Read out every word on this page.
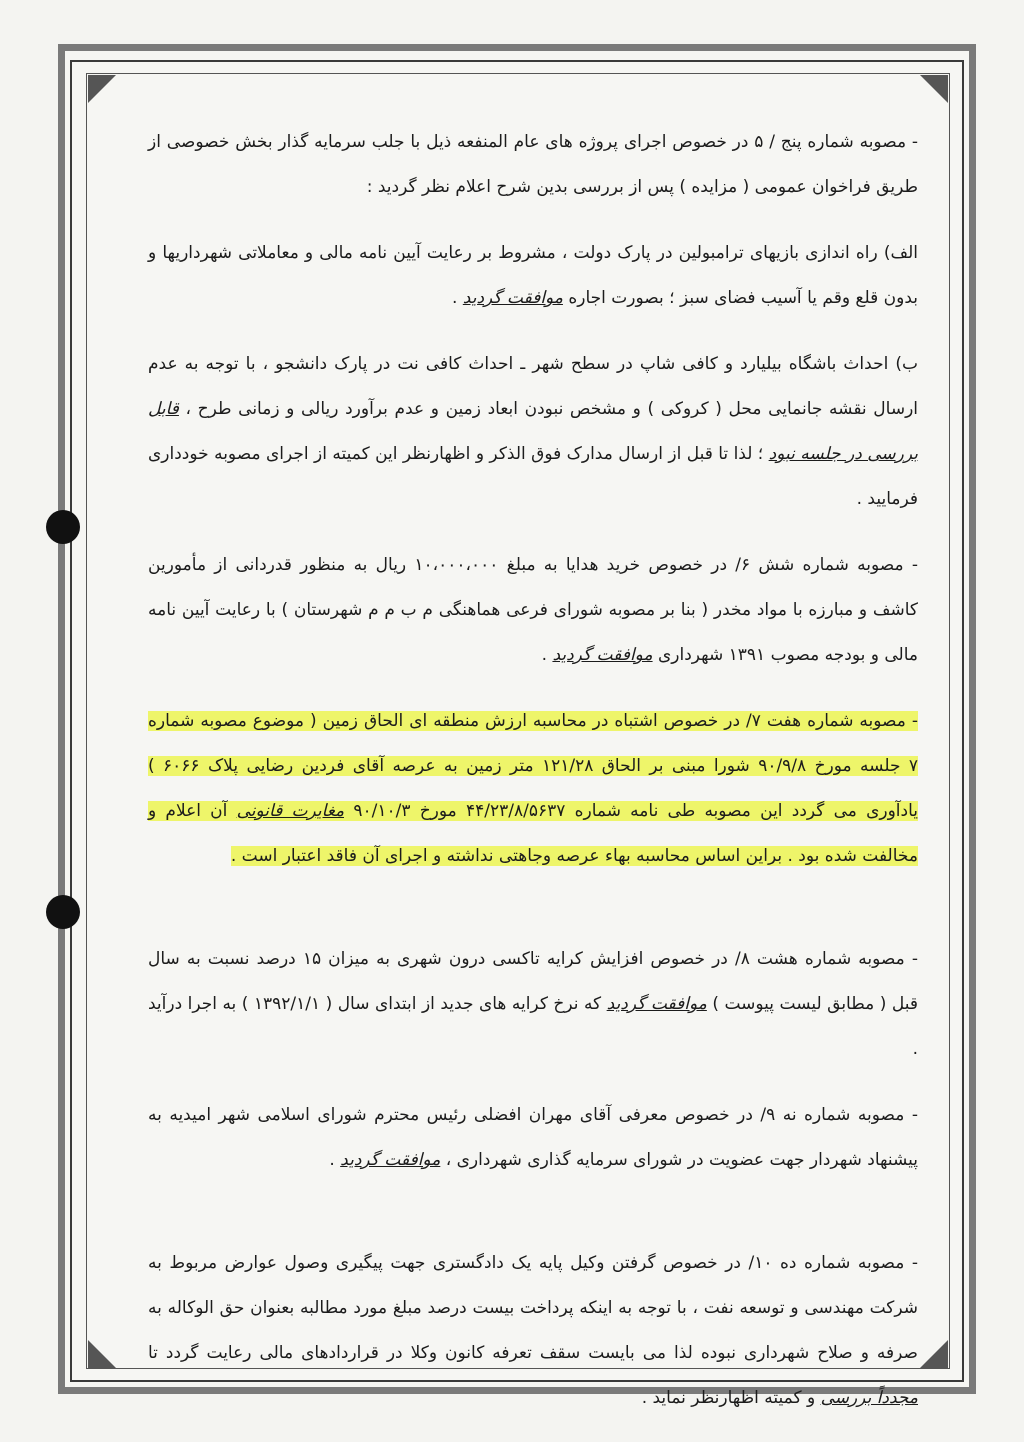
- مصوبه شماره پنج / ۵ در خصوص اجرای پروژه های عام المنفعه ذیل با جلب سرمایه گذار بخش خصوصی از طریق فراخوان عمومی ( مزایده ) پس از بررسی بدین شرح اعلام نظر گردید :

الف) راه اندازی بازیهای ترامبولین در پارک دولت ، مشروط بر رعایت آیین نامه مالی و معاملاتی شهرداریها و بدون قلع وقم یا آسیب فضای سبز ؛ بصورت اجاره موافقت گردید .

ب) احداث باشگاه بیلیارد و کافی شاپ در سطح شهر ـ احداث کافی نت در پارک دانشجو ، با توجه به عدم ارسال نقشه جانمایی محل ( کروکی ) و مشخص نبودن ابعاد زمین و عدم برآورد ریالی و زمانی طرح ، قابل بررسی در جلسه نبود ؛ لذا تا قبل از ارسال مدارک فوق الذکر و اظهارنظر این کمیته از اجرای مصوبه خودداری فرمایید .

- مصوبه شماره شش ۶/ در خصوص خرید هدایا به مبلغ ۱۰،۰۰۰،۰۰۰ ریال به منظور قدردانی از مأمورین کاشف و مبارزه با مواد مخدر ( بنا بر مصوبه شورای فرعی هماهنگی م ب م م شهرستان ) با رعایت آیین نامه مالی و بودجه مصوب ۱۳۹۱ شهرداری موافقت گردید .

- مصوبه شماره هفت ۷/ در خصوص اشتباه در محاسبه ارزش منطقه ای الحاق زمین ( موضوع مصوبه شماره ۷ جلسه مورخ ۹۰/۹/۸ شورا مبنی بر الحاق ۱۲۱/۲۸ متر زمین به عرصه آقای فردین رضایی پلاک ۶۰۶۶ ) یادآوری می گردد این مصوبه طی نامه شماره ۴۴/۲۳/۸/۵۶۳۷ مورخ ۹۰/۱۰/۳ مغایرت قانونی آن اعلام و مخالفت شده بود . براین اساس محاسبه بهاء عرصه وجاهتی نداشته و اجرای آن فاقد اعتبار است .

- مصوبه شماره هشت ۸/ در خصوص افزایش کرایه تاکسی درون شهری به میزان ۱۵ درصد نسبت به سال قبل ( مطابق لیست پیوست ) موافقت گردید که نرخ کرایه های جدید از ابتدای سال ( ۱۳۹۲/۱/۱ ) به اجرا درآید .

- مصوبه شماره نه ۹/ در خصوص معرفی آقای مهران افضلی رئیس محترم شورای اسلامی شهر امیدیه به پیشنهاد شهردار جهت عضویت در شورای سرمایه گذاری شهرداری ، موافقت گردید .

- مصوبه شماره ده ۱۰/ در خصوص گرفتن وکیل پایه یک دادگستری جهت پیگیری وصول عوارض مربوط به شرکت مهندسی و توسعه نفت ، با توجه به اینکه پرداخت بیست درصد مبلغ مورد مطالبه بعنوان حق الوکاله به صرفه و صلاح شهرداری نبوده لذا می بایست سقف تعرفه کانون وکلا در قراردادهای مالی رعایت گردد تا مجدداً بررسی و کمیته اظهارنظر نماید .
